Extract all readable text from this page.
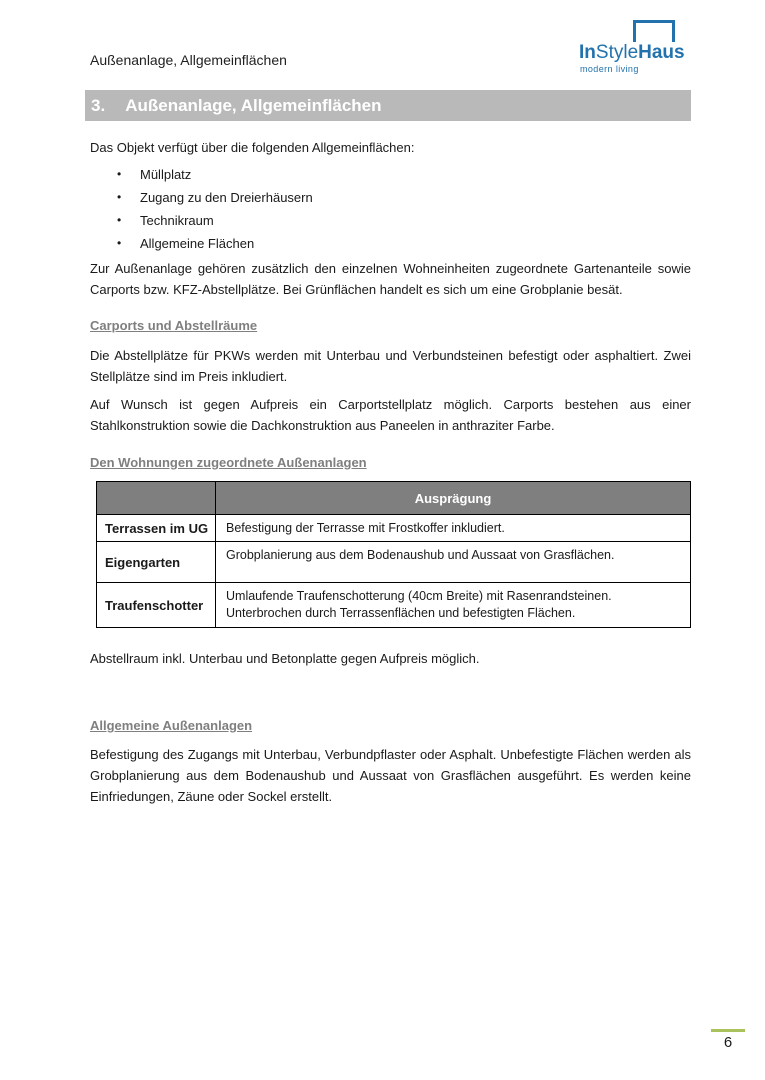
Außenanlage, Allgemeinflächen	InStyleHaus
modern living
3. Außenanlage, Allgemeinflächen
Das Objekt verfügt über die folgenden Allgemeinflächen:
•	Müllplatz
•	Zugang zu den Dreierhäusern
•	Technikraum
•	Allgemeine Flächen
Zur Außenanlage gehören zusätzlich den einzelnen Wohneinheiten zugeordnete Gartenanteile sowie Carports bzw. KFZ-Abstellplätze. Bei Grünflächen handelt es sich um eine Grobplanie besät.
Carports und Abstellräume
Die Abstellplätze für PKWs werden mit Unterbau und Verbundsteinen befestigt oder asphaltiert. Zwei Stellplätze sind im Preis inkludiert.
Auf Wunsch ist gegen Aufpreis ein Carportstellplatz möglich. Carports bestehen aus einer Stahlkonstruktion sowie die Dachkonstruktion aus Paneelen in anthraziter Farbe.
Den Wohnungen zugeordnete Außenanlagen
	Ausprägung
Terrassen im UG	Befestigung der Terrasse mit Frostkoffer inkludiert.
Eigengarten	Grobplanierung aus dem Bodenaushub und Aussaat von Grasflächen.
Traufenschotter	Umlaufende Traufenschotterung (40cm Breite) mit Rasenrandsteinen. Unterbrochen durch Terrassenflächen und befestigten Flächen.
Abstellraum inkl. Unterbau und Betonplatte gegen Aufpreis möglich.
Allgemeine Außenanlagen
Befestigung des Zugangs mit Unterbau, Verbundpflaster oder Asphalt. Unbefestigte Flächen werden als Grobplanierung aus dem Bodenaushub und Aussaat von Grasflächen ausgeführt. Es werden keine Einfriedungen, Zäune oder Sockel erstellt.
6
